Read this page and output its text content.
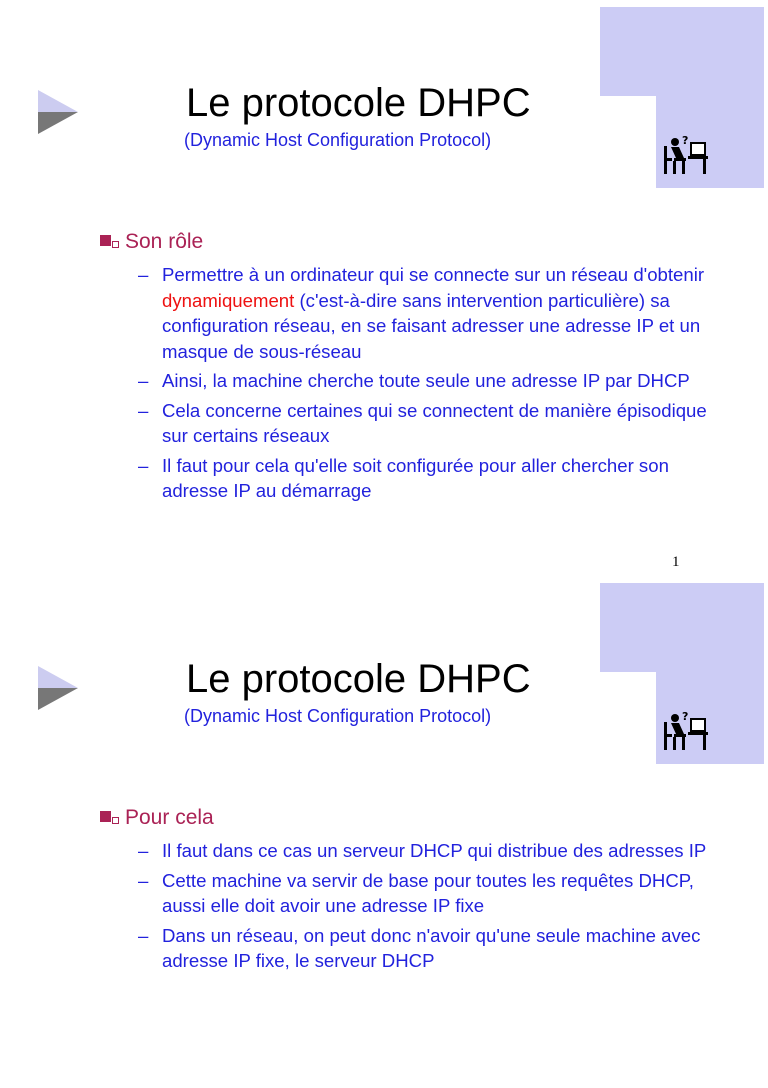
Le protocole DHPC
(Dynamic Host Configuration Protocol)	?
Son rôle
– Permettre à un ordinateur qui se connecte sur un réseau d'obtenir dynamiquement (c'est-à-dire sans intervention particulière) sa configuration réseau, en se faisant adresser une adresse IP et un masque de sous-réseau
– Ainsi, la machine cherche toute seule une adresse IP par DHCP
– Cela concerne certaines qui se connectent de manière épisodique sur certains réseaux
– Il faut pour cela qu'elle soit configurée pour aller chercher son adresse IP au démarrage
1
Le protocole DHPC
(Dynamic Host Configuration Protocol)	?
Pour cela
– Il faut dans ce cas un serveur DHCP qui distribue des adresses IP
– Cette machine va servir de base pour toutes les requêtes DHCP, aussi elle doit avoir une adresse IP fixe
– Dans un réseau, on peut donc n'avoir qu'une seule machine avec adresse IP fixe, le serveur DHCP
